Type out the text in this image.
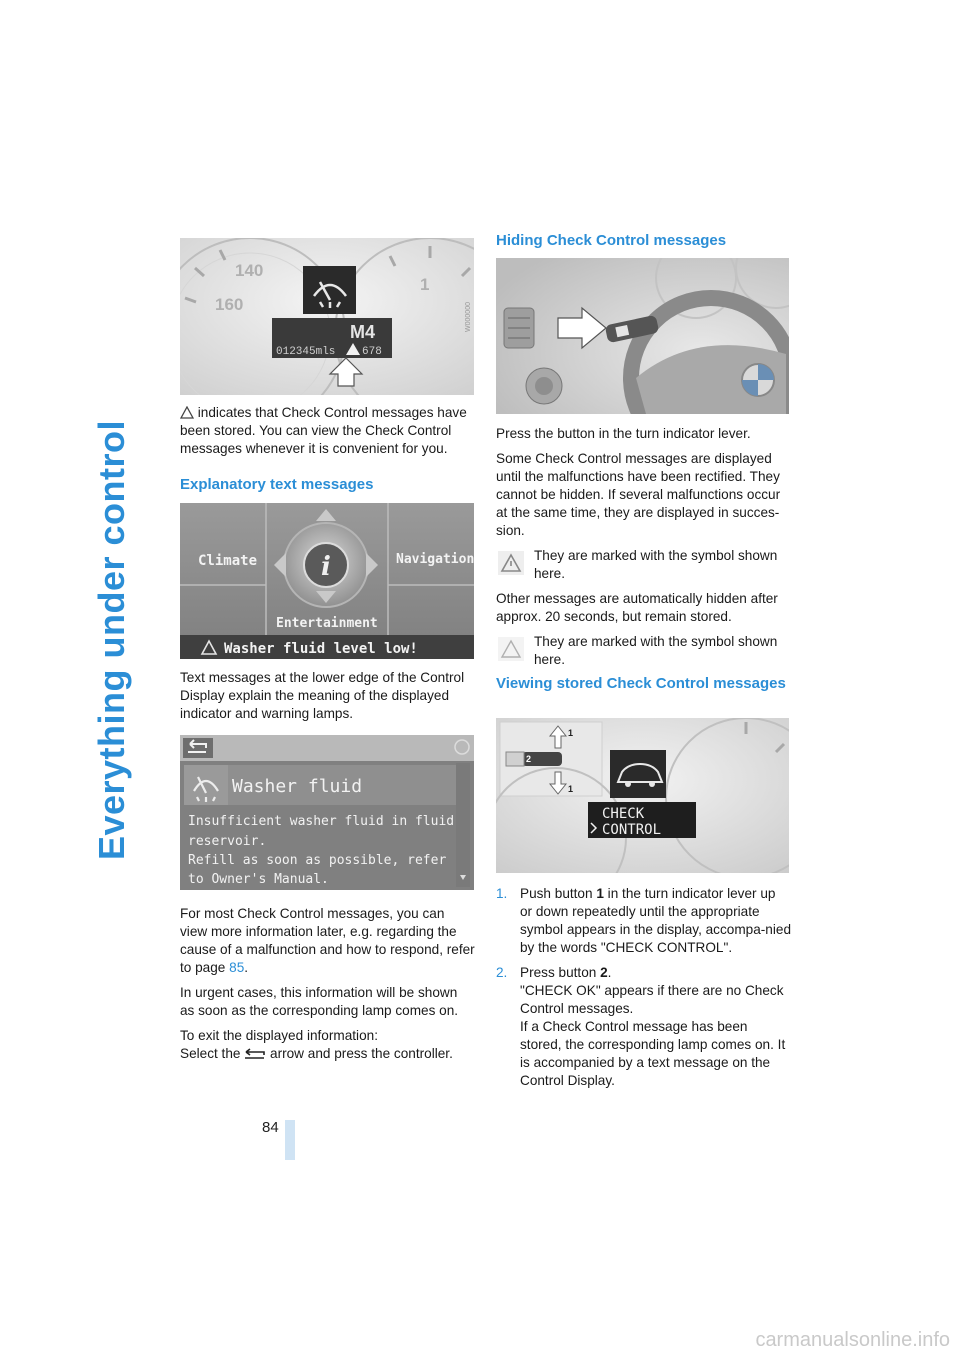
Everything under control
84
140
160
1
M4
012345mls 678
W000000
i
Climate	Navigation
Entertainment
Washer fluid level low!
Washer fluid
Insufficient washer fluid in fluid
reservoir.
Refill as soon as possible, refer
to Owner's Manual.

indicates that Check Control messages have been stored. You can view the Check Control messages whenever it is convenient for you.

Explanatory text messages

Text messages at the lower edge of the Control Display explain the meaning of the displayed indicator and warning lamps.

For most Check Control messages, you can view more information later, e.g. regarding the cause of a malfunction and how to respond, refer to page 85.

In urgent cases, this information will be shown as soon as the corresponding lamp comes on.

To exit the displayed information:
Select the  arrow and press the controller.

Hiding Check Control messages

Press the button in the turn indicator lever.

Some Check Control messages are displayed until the malfunctions have been rectified. They cannot be hidden. If several malfunctions occur at the same time, they are displayed in succes-sion.

They are marked with the symbol shown here.

Other messages are automatically hidden after approx. 20 seconds, but remain stored.

They are marked with the symbol shown here.
Viewing stored Check Control messages
1
2
1
CHECK
CONTROL
1. Push button 1 in the turn indicator lever up or down repeatedly until the appropriate symbol appears in the display, accompa-nied by the words "CHECK CONTROL".
2. Press button 2.
"CHECK OK" appears if there are no Check Control messages.
If a Check Control message has been stored, the corresponding lamp comes on. It is accompanied by a text message on the Control Display.
carmanualsonline.info
